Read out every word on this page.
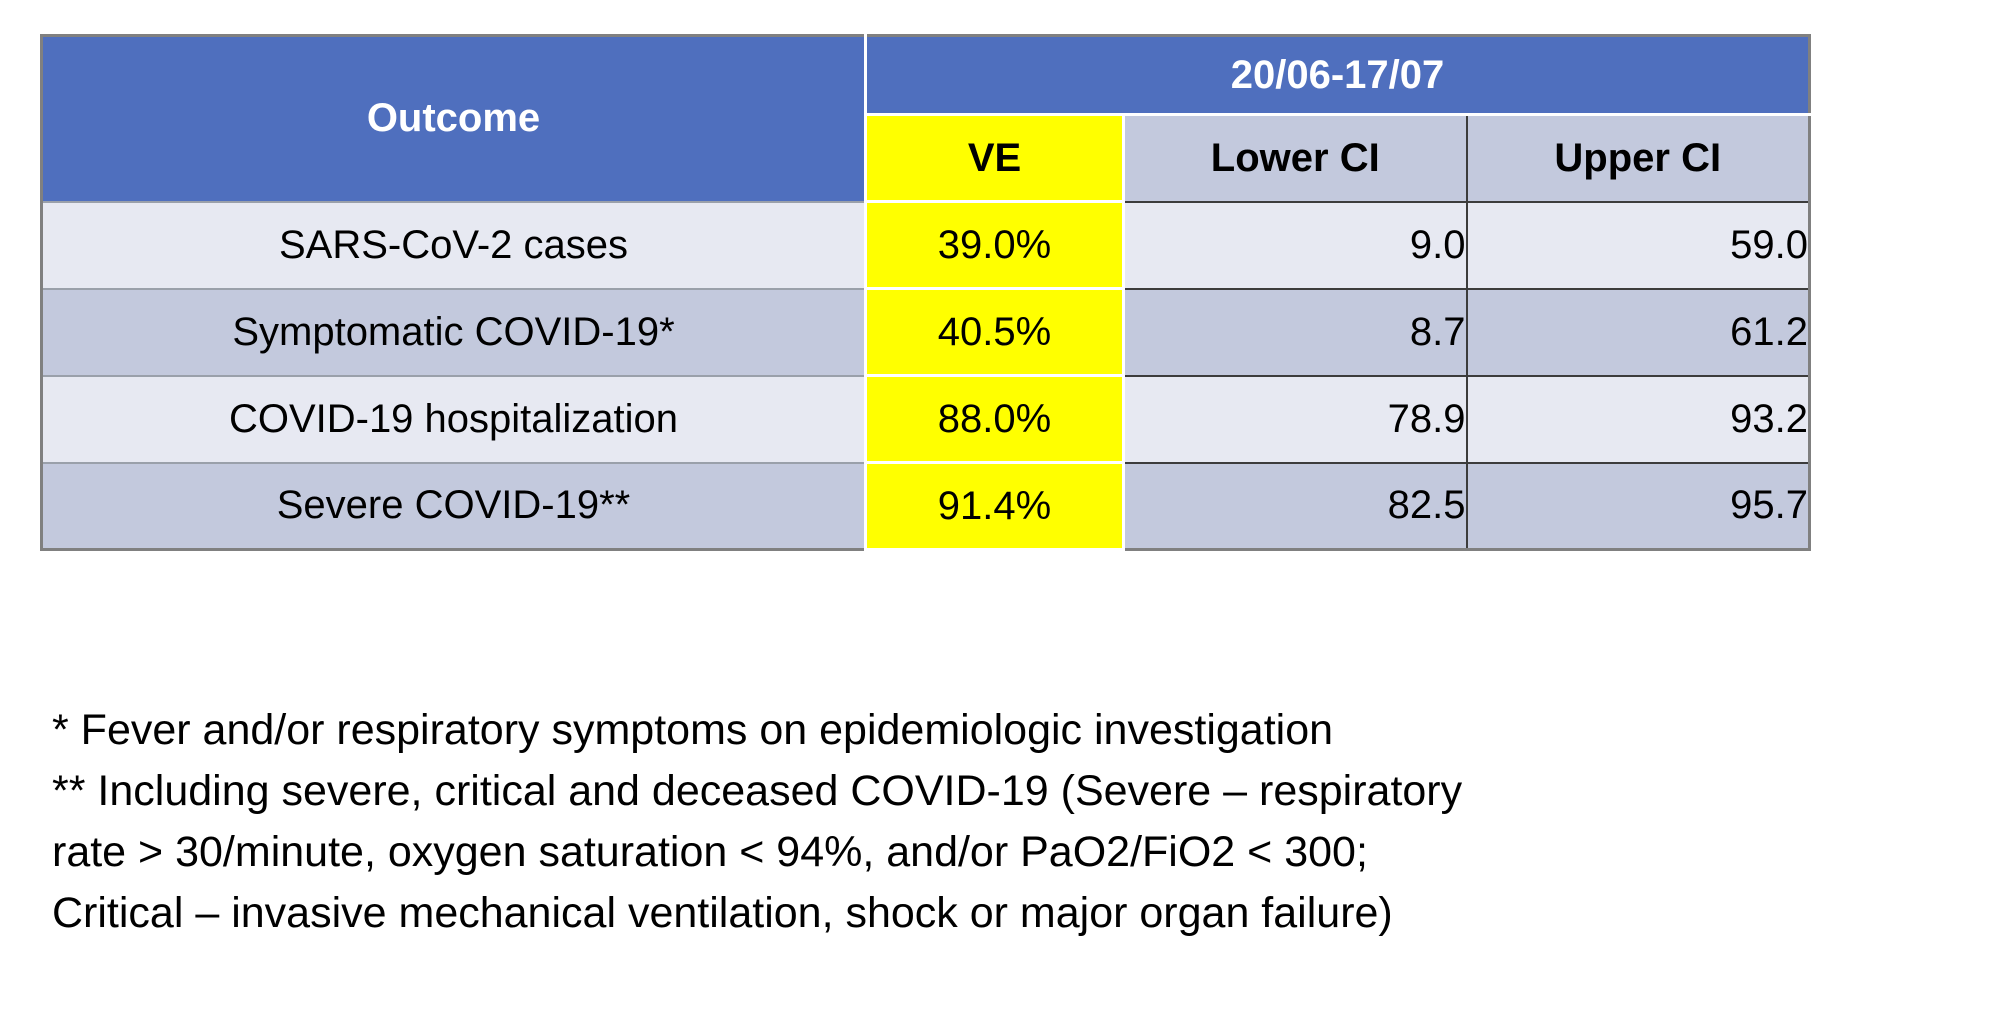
Outcome	20/06-17/07		
	VE	Lower CI	Upper CI
SARS-CoV-2 cases	39.0%	9.0	59.0
Symptomatic COVID-19*	40.5%	8.7	61.2
COVID-19 hospitalization	88.0%	78.9	93.2
Severe COVID-19**	91.4%	82.5	95.7

* Fever and/or respiratory symptoms on epidemiologic investigation

** Including severe, critical and deceased COVID-19 (Severe – respiratory

rate > 30/minute, oxygen saturation < 94%, and/or PaO2/FiO2 < 300;

Critical – invasive mechanical ventilation, shock or major organ failure)
